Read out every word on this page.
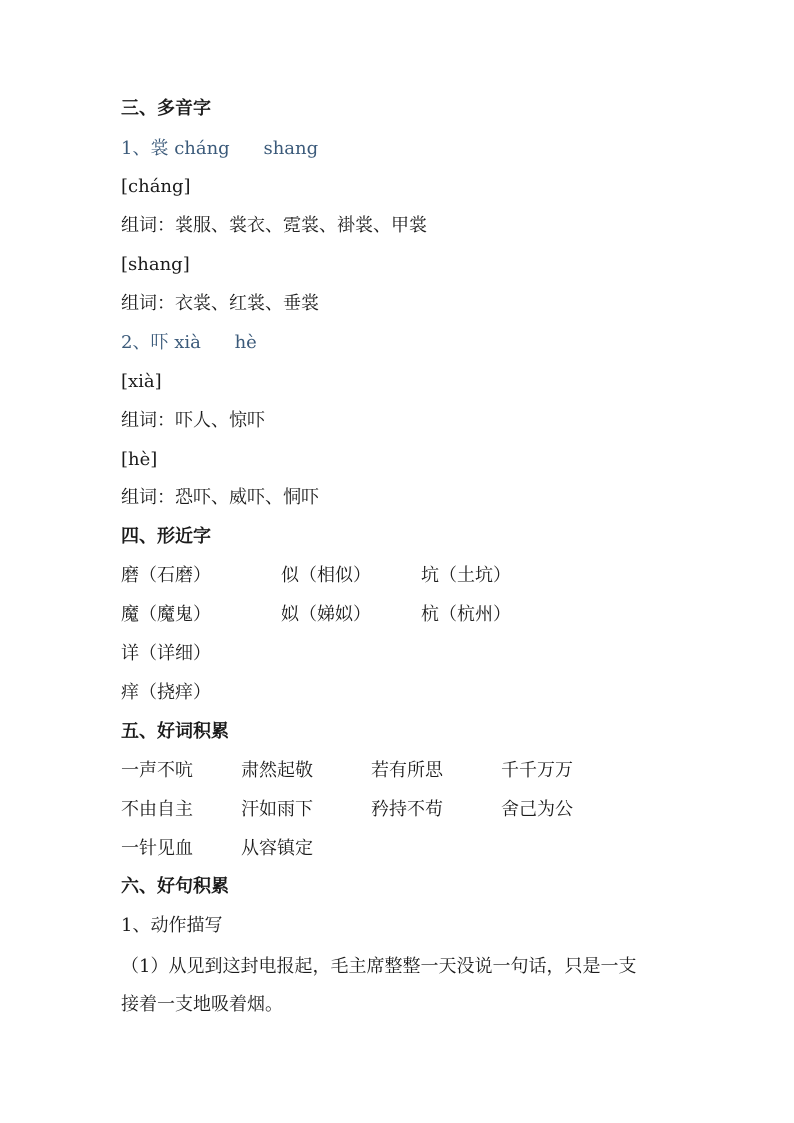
三、多音字
1、裳 cháng shang
[cháng]
组词：裳服、裳衣、霓裳、褂裳、甲裳
[shang]
组词：衣裳、红裳、垂裳
2、吓 xià hè
[xià]
组词：吓人、惊吓
[hè]
组词：恐吓、威吓、恫吓
四、形近字
磨（石磨）	似（相似）	坑（土坑）
魔（魔鬼）	姒（娣姒）	杭（杭州）
详（详细）
痒（挠痒）
五、好词积累
一声不吭	肃然起敬	若有所思	千千万万
不由自主	汗如雨下	矜持不苟	舍己为公
一针见血	从容镇定
六、好句积累
1、动作描写
（1）从见到这封电报起，毛主席整整一天没说一句话，只是一支
接着一支地吸着烟。
